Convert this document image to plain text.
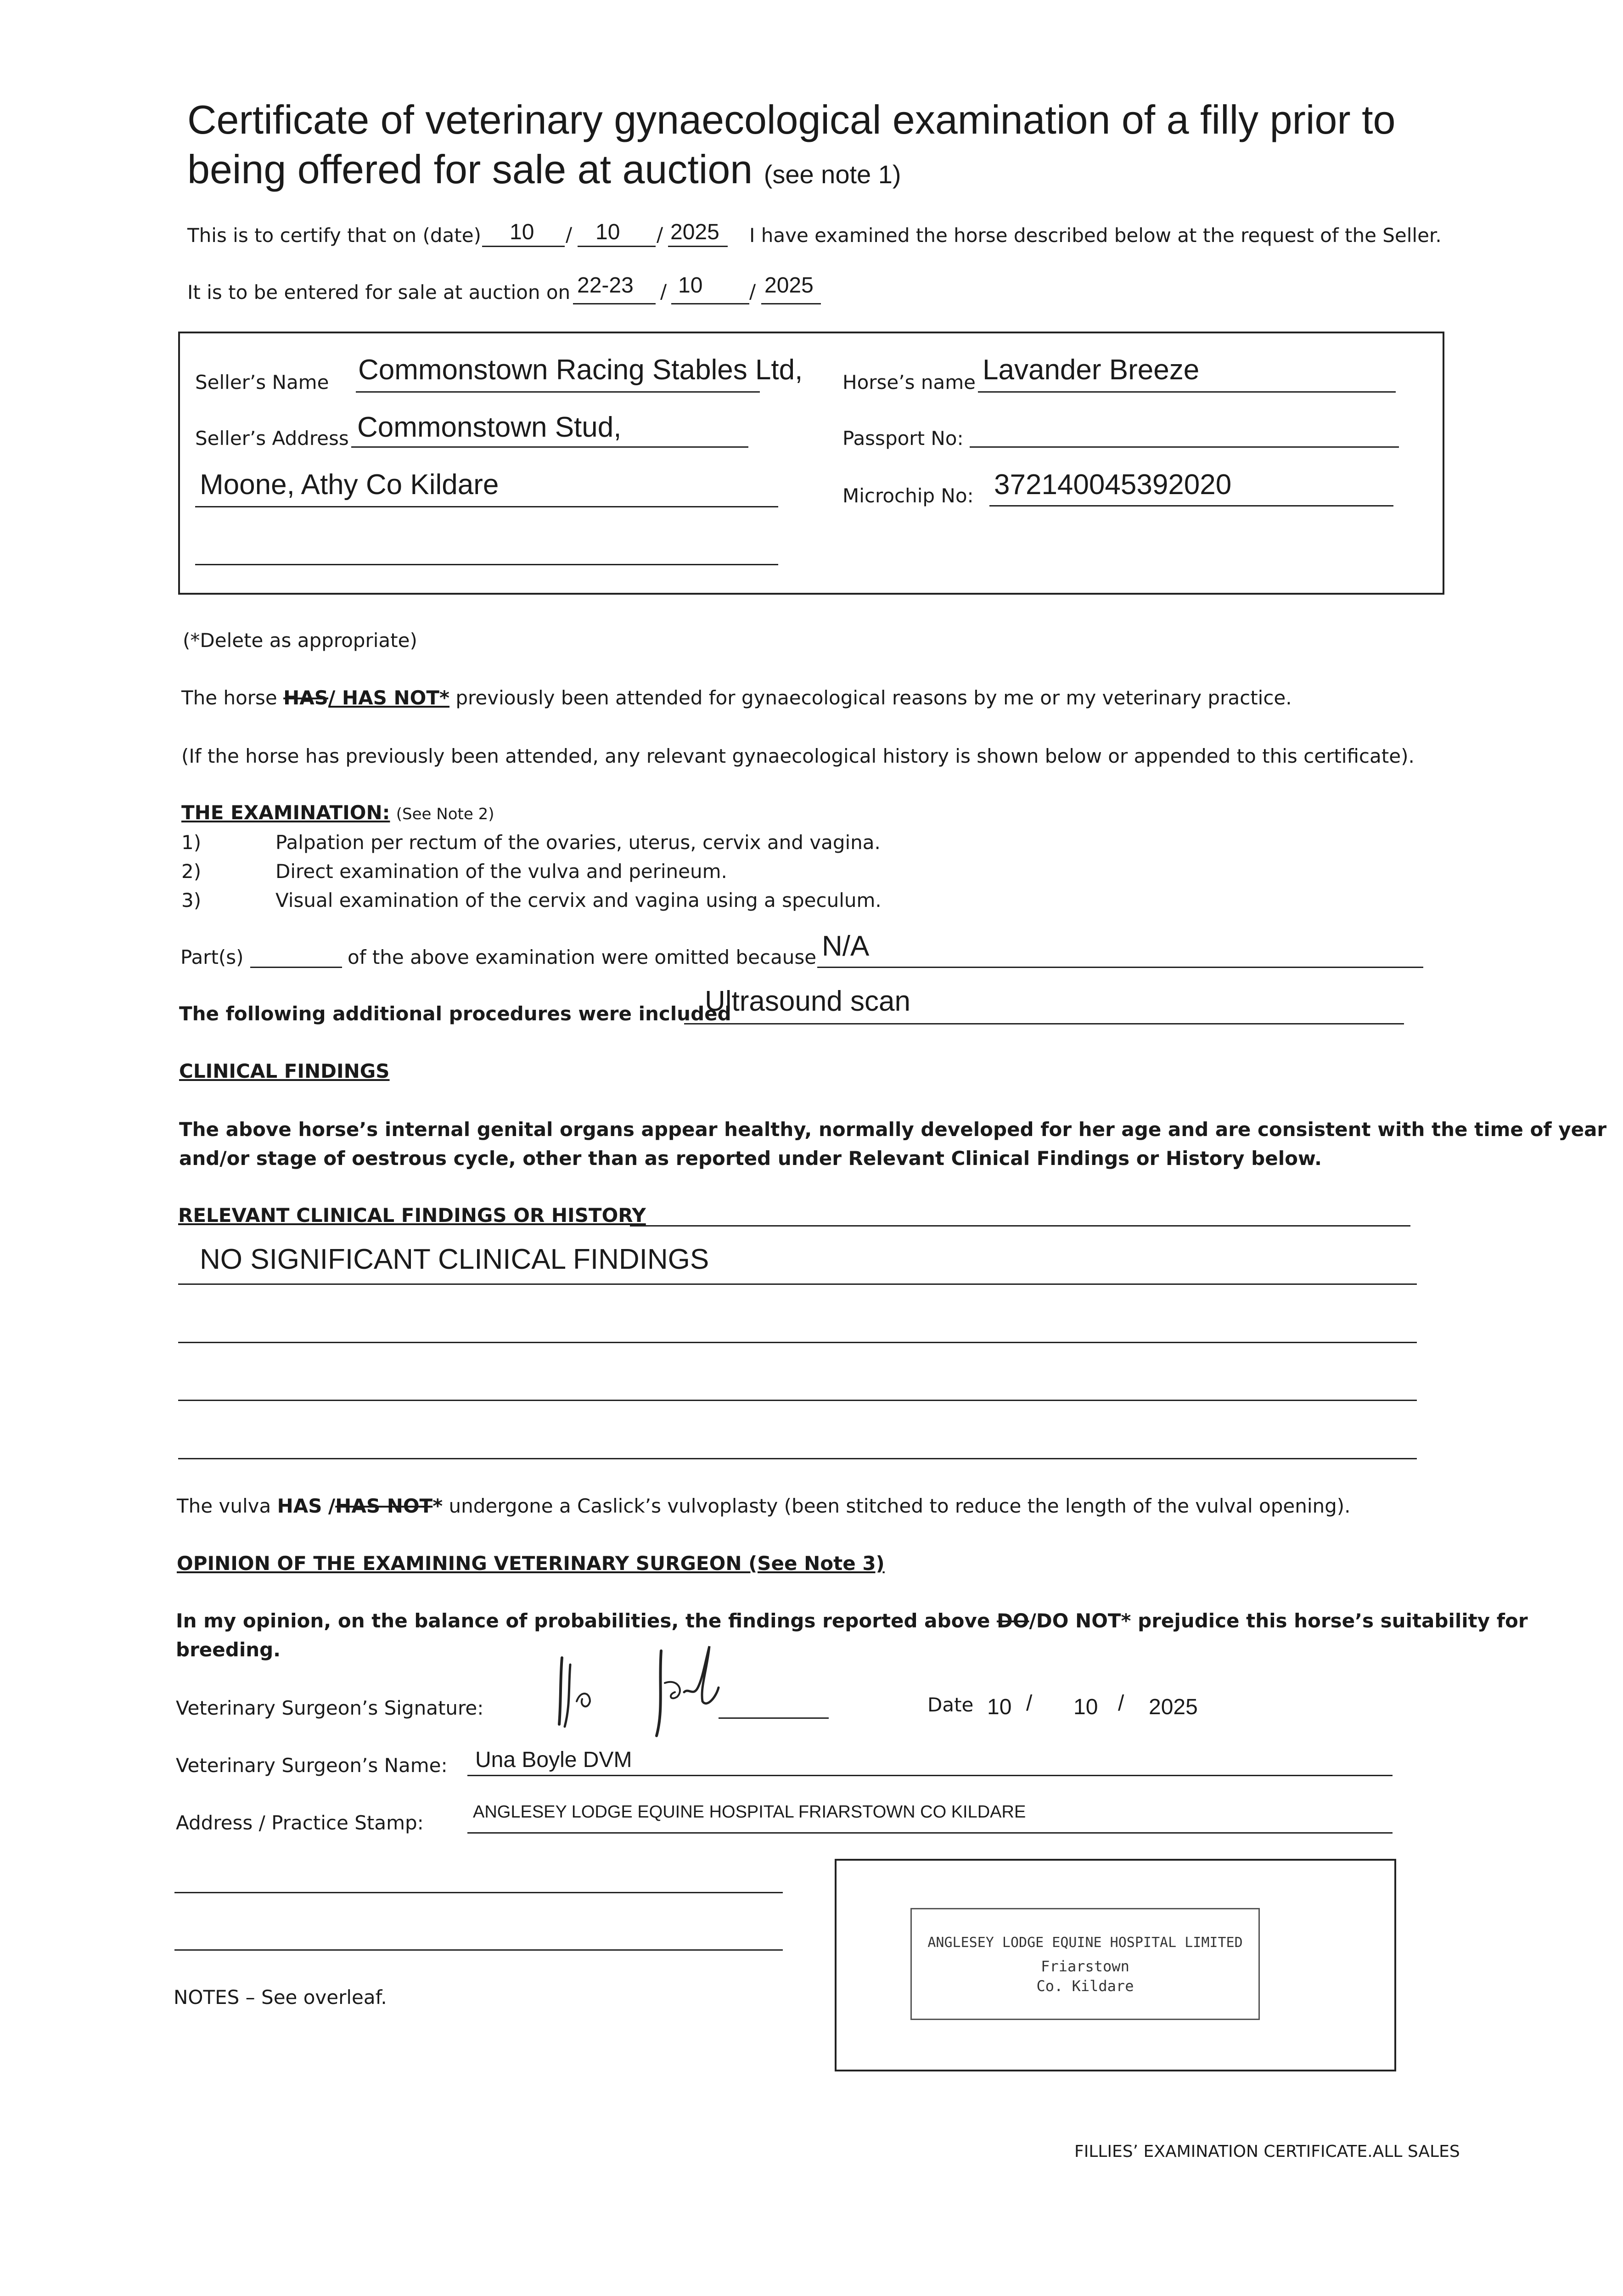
Certificate of veterinary gynaecological examination of a filly prior to
being offered for sale at auction (see note 1)
This is to certify that on (date) 10 / 10 / 2025 I have examined the horse described below at the request of the Seller.
It is to be entered for sale at auction on 22-23 / 10 / 2025
Seller’s Name Commonstown Racing Stables Ltd,
Seller’s Address Commonstown Stud,
Moone, Athy Co Kildare
Horse’s name Lavander Breeze
Passport No:
Microchip No: 372140045392020
(*Delete as appropriate)
The horse HAS/ HAS NOT* previously been attended for gynaecological reasons by me or my veterinary practice.
(If the horse has previously been attended, any relevant gynaecological history is shown below or appended to this certificate).
THE EXAMINATION: (See Note 2)
1)	Palpation per rectum of the ovaries, uterus, cervix and vagina.
2)	Direct examination of the vulva and perineum.
3)	Visual examination of the cervix and vagina using a speculum.
Part(s)	of the above examination were omitted because N/A
The following additional procedures were included
Ultrasound scan
CLINICAL FINDINGS
The above horse’s internal genital organs appear healthy, normally developed for her age and are consistent with the time of year
and/or stage of oestrous cycle, other than as reported under Relevant Clinical Findings or History below.
RELEVANT CLINICAL FINDINGS OR HISTORY
NO SIGNIFICANT CLINICAL FINDINGS
The vulva HAS /HAS NOT* undergone a Caslick’s vulvoplasty (been stitched to reduce the length of the vulval opening).
OPINION OF THE EXAMINING VETERINARY SURGEON (See Note 3)
In my opinion, on the balance of probabilities, the findings reported above DO/DO NOT* prejudice this horse’s suitability for
breeding.
Veterinary Surgeon’s Signature:	Date 10 / 10 / 2025
Veterinary Surgeon’s Name: Una Boyle DVM
Address / Practice Stamp:	ANGLESEY LODGE EQUINE HOSPITAL FRIARSTOWN CO KILDARE
NOTES – See overleaf.
ANGLESEY LODGE EQUINE HOSPITAL LIMITED
Friarstown
Co. Kildare
FILLIES’ EXAMINATION CERTIFICATE.ALL SALES
